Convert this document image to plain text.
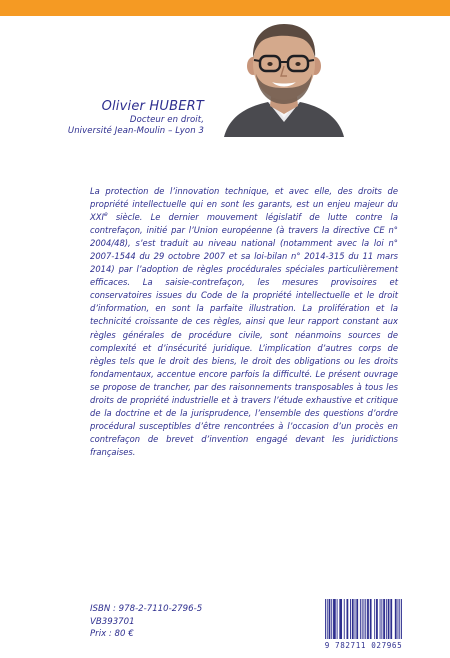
Olivier HUBERT
Docteur en droit,
Université Jean-Moulin – Lyon 3

La protection de l’innovation technique, et avec elle, des droits de propriété intellectuelle qui en sont les garants, est un enjeu majeur du XXIe siècle. Le dernier mouvement législatif de lutte contre la contrefaçon, initié par l’Union européenne (à travers la directive CE n° 2004/48), s’est traduit au niveau national (notamment avec la loi n° 2007-1544 du 29 octobre 2007 et sa loi-bilan n° 2014-315 du 11 mars 2014) par l’adoption de règles procédurales spéciales particulièrement efficaces. La saisie-contrefaçon, les mesures provisoires et conservatoires issues du Code de la propriété intellectuelle et le droit d’information, en sont la parfaite illustration. La prolifération et la technicité croissante de ces règles, ainsi que leur rapport constant aux règles générales de procédure civile, sont néanmoins sources de complexité et d’insécurité juridique. L’implication d’autres corps de règles tels que le droit des biens, le droit des obligations ou les droits fondamentaux, accentue encore parfois la difficulté. Le présent ouvrage se propose de trancher, par des raisonnements transposables à tous les droits de propriété industrielle et à travers l’étude exhaustive et critique de la doctrine et de la jurisprudence, l’ensemble des questions d’ordre procédural susceptibles d’être rencontrées à l’occasion d’un procès en contrefaçon de brevet d’invention engagé devant les juridictions françaises.

ISBN : 978-2-7110-2796-5
VB393701
Prix : 80 €
9 782711 027965
